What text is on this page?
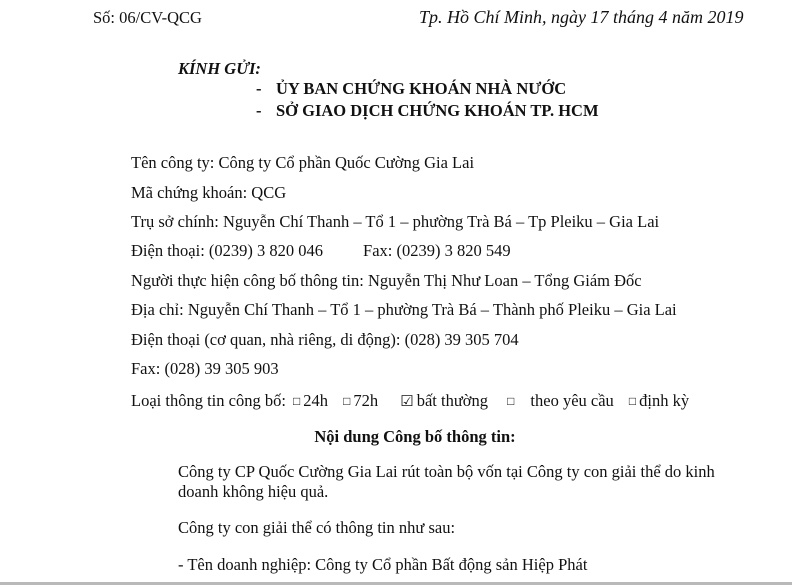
Số: 06/CV-QCG	Tp. Hồ Chí Minh, ngày 17 tháng 4 năm 2019
KÍNH GỬI:
- ỦY BAN CHỨNG KHOÁN NHÀ NƯỚC
- SỞ GIAO DỊCH CHỨNG KHOÁN TP. HCM
Tên công ty: Công ty Cổ phần Quốc Cường Gia Lai
Mã chứng khoán: QCG
Trụ sở chính: Nguyễn Chí Thanh – Tổ 1 – phường Trà Bá – Tp Pleiku – Gia Lai
Điện thoại: (0239) 3 820 046 Fax: (0239) 3 820 549
Người thực hiện công bố thông tin: Nguyễn Thị Như Loan – Tổng Giám Đốc
Địa chỉ: Nguyễn Chí Thanh – Tổ 1 – phường Trà Bá – Thành phố Pleiku – Gia Lai
Điện thoại (cơ quan, nhà riêng, di động): (028) 39 305 704
Fax: (028) 39 305 903
Loại thông tin công bố: □ 24h □ 72h ☑ bất thường □ theo yêu cầu □ định kỳ
Nội dung Công bố thông tin:
Công ty CP Quốc Cường Gia Lai rút toàn bộ vốn tại Công ty con giải thể do kinh doanh không hiệu quả.
Công ty con giải thể có thông tin như sau:
- Tên doanh nghiệp: Công ty Cổ phần Bất động sản Hiệp Phát
